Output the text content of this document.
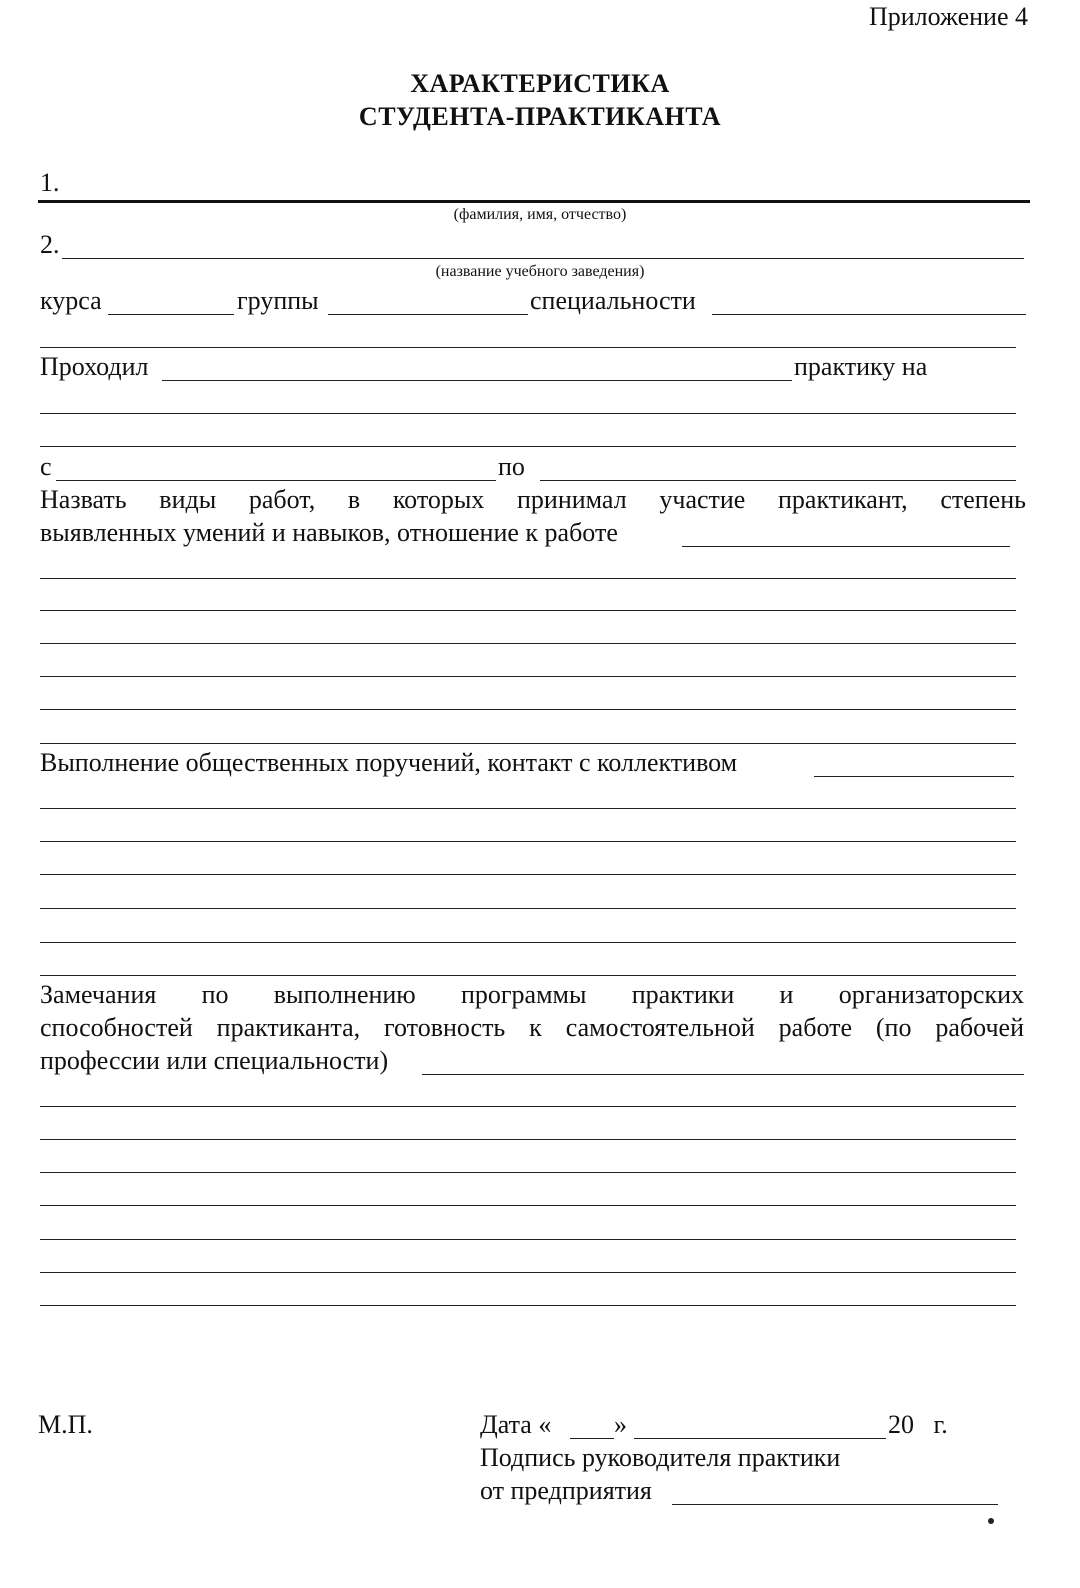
Приложение 4
ХАРАКТЕРИСТИКА
СТУДЕНТА-ПРАКТИКАНТА
1.
(фамилия, имя, отчество)
2.
(название учебного заведения)
курса	группы	специальности
Проходил	практику на
с	по
Назвать виды работ, в которых принимал участие практикант, степень
выявленных умений и навыков, отношение к работе
Выполнение общественных поручений, контакт с коллективом
Замечания по выполнению программы практики и организаторских
способностей практиканта, готовность к самостоятельной работе (по рабочей
профессии или специальности)
М.П.	Дата « »	20   г.
Подпись руководителя практики
от предприятия
